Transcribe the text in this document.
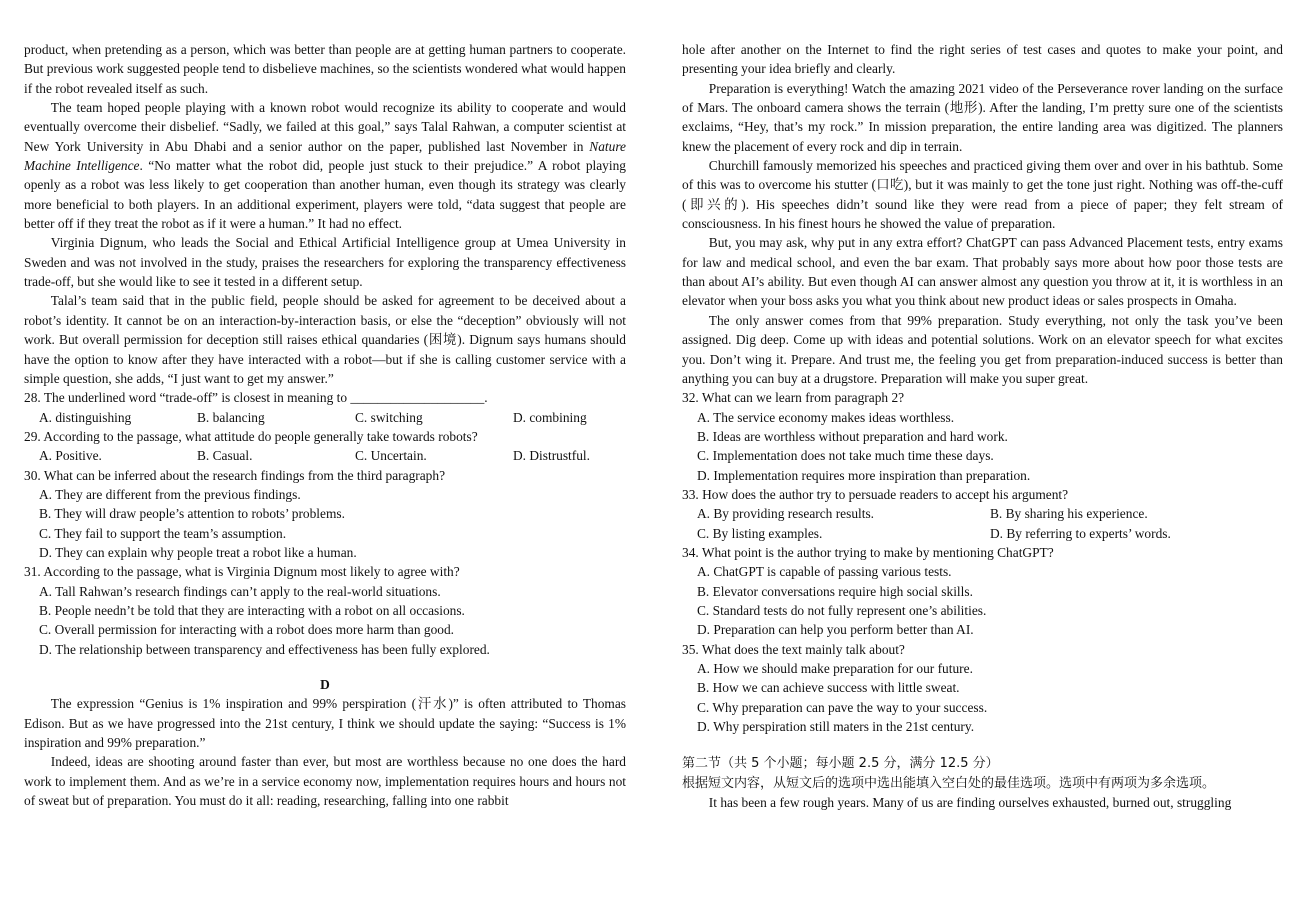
product, when pretending as a person, which was better than people are at getting human partners to cooperate. But previous work suggested people tend to disbelieve machines, so the scientists wondered what would happen if the robot revealed itself as such.

The team hoped people playing with a known robot would recognize its ability to cooperate and would eventually overcome their disbelief. “Sadly, we failed at this goal,” says Talal Rahwan, a computer scientist at New York University in Abu Dhabi and a senior author on the paper, published last November in Nature Machine Intelligence. “No matter what the robot did, people just stuck to their prejudice.” A robot playing openly as a robot was less likely to get cooperation than another human, even though its strategy was clearly more beneficial to both players. In an additional experiment, players were told, “data suggest that people are better off if they treat the robot as if it were a human.” It had no effect.

Virginia Dignum, who leads the Social and Ethical Artificial Intelligence group at Umea University in Sweden and was not involved in the study, praises the researchers for exploring the transparency effectiveness trade-off, but she would like to see it tested in a different setup.

Talal’s team said that in the public field, people should be asked for agreement to be deceived about a robot’s identity. It cannot be on an interaction-by-interaction basis, or else the “deception” obviously will not work. But overall permission for deception still raises ethical quandaries (困境). Dignum says humans should have the option to know after they have interacted with a robot—but if she is calling customer service with a simple question, she adds, “I just want to get my answer.”

28. The underlined word “trade-off” is closest in meaning to ____________________.

A. distinguishing	B. balancing	C. switching	D. combining

29. According to the passage, what attitude do people generally take towards robots?

A. Positive.	B. Casual.	C. Uncertain.	D. Distrustful.

30. What can be inferred about the research findings from the third paragraph?

A. They are different from the previous findings.

B. They will draw people’s attention to robots’ problems.

C. They fail to support the team’s assumption.

D. They can explain why people treat a robot like a human.

31. According to the passage, what is Virginia Dignum most likely to agree with?

A. Tall Rahwan’s research findings can’t apply to the real-world situations.

B. People needn’t be told that they are interacting with a robot on all occasions.

C. Overall permission for interacting with a robot does more harm than good.

D. The relationship between transparency and effectiveness has been fully explored.

D

The expression “Genius is 1% inspiration and 99% perspiration (汗水)” is often attributed to Thomas Edison. But as we have progressed into the 21st century, I think we should update the saying: “Success is 1% inspiration and 99% preparation.”

Indeed, ideas are shooting around faster than ever, but most are worthless because no one does the hard work to implement them. And as we’re in a service economy now, implementation requires hours and hours not of sweat but of preparation. You must do it all: reading, researching, falling into one rabbit

hole after another on the Internet to find the right series of test cases and quotes to make your point, and presenting your idea briefly and clearly.

Preparation is everything! Watch the amazing 2021 video of the Perseverance rover landing on the surface of Mars. The onboard camera shows the terrain (地形). After the landing, I’m pretty sure one of the scientists exclaims, “Hey, that’s my rock.” In mission preparation, the entire landing area was digitized. The planners knew the placement of every rock and dip in terrain.

Churchill famously memorized his speeches and practiced giving them over and over in his bathtub. Some of this was to overcome his stutter (口吃), but it was mainly to get the tone just right. Nothing was off-the-cuff (即兴的). His speeches didn’t sound like they were read from a piece of paper; they felt stream of consciousness. In his finest hours he showed the value of preparation.

But, you may ask, why put in any extra effort? ChatGPT can pass Advanced Placement tests, entry exams for law and medical school, and even the bar exam. That probably says more about how poor those tests are than about AI’s ability. But even though AI can answer almost any question you throw at it, it is worthless in an elevator when your boss asks you what you think about new product ideas or sales prospects in Omaha.

The only answer comes from that 99% preparation. Study everything, not only the task you’ve been assigned. Dig deep. Come up with ideas and potential solutions. Work on an elevator speech for what excites you. Don’t wing it. Prepare. And trust me, the feeling you get from preparation-induced success is better than anything you can buy at a drugstore. Preparation will make you super great.

32. What can we learn from paragraph 2?

A. The service economy makes ideas worthless.

B. Ideas are worthless without preparation and hard work.

C. Implementation does not take much time these days.

D. Implementation requires more inspiration than preparation.

33. How does the author try to persuade readers to accept his argument?

A. By providing research results.	B. By sharing his experience.
C. By listing examples.	D. By referring to experts’ words.

34. What point is the author trying to make by mentioning ChatGPT?

A. ChatGPT is capable of passing various tests.

B. Elevator conversations require high social skills.

C. Standard tests do not fully represent one’s abilities.

D. Preparation can help you perform better than AI.

35. What does the text mainly talk about?

A. How we should make preparation for our future.

B. How we can achieve success with little sweat.

C. Why preparation can pave the way to your success.

D. Why perspiration still maters in the 21st century.

第二节（共 5 个小题；每小题 2.5 分，满分 12.5 分）

根据短文内容，从短文后的选项中选出能填入空白处的最佳选项。选项中有两项为多余选项。

It has been a few rough years. Many of us are finding ourselves exhausted, burned out, struggling
